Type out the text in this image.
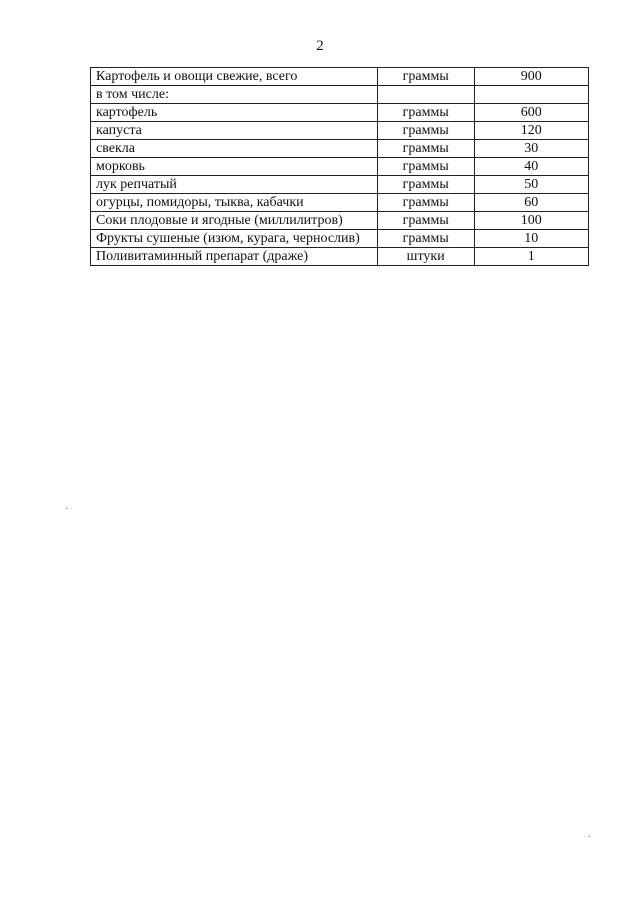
2
Картофель и овощи свежие, всего	граммы	900
в том числе:		
картофель	граммы	600
капуста	граммы	120
свекла	граммы	30
морковь	граммы	40
лук репчатый	граммы	50
огурцы, помидоры, тыква, кабачки	граммы	60
Соки плодовые и ягодные (миллилитров)	граммы	100
Фрукты сушеные (изюм, курага, чернослив)	граммы	10
Поливитаминный препарат (драже)	штуки	1
